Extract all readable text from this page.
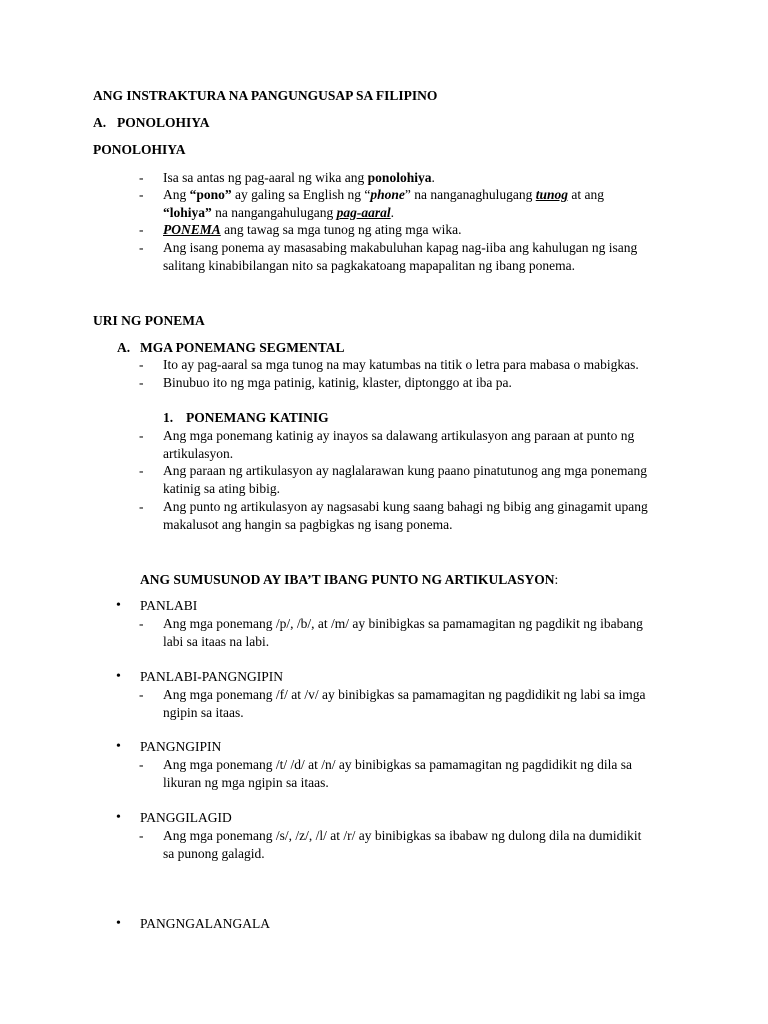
ANG INSTRAKTURA NA PANGUNGUSAP SA FILIPINO
A. PONOLOHIYA
PONOLOHIYA
- Isa sa antas ng pag-aaral ng wika ang ponolohiya.
- Ang “pono” ay galing sa English ng “phone” na nanganaghulugang tunog at ang
“lohiya” na nangangahulugang pag-aaral.
- PONEMA ang tawag sa mga tunog ng ating mga wika.
- Ang isang ponema ay masasabing makabuluhan kapag nag-iiba ang kahulugan ng isang
salitang kinabibilangan nito sa pagkakatoang mapapalitan ng ibang ponema.
URI NG PONEMA
A. MGA PONEMANG SEGMENTAL
- Ito ay pag-aaral sa mga tunog na may katumbas na titik o letra para mabasa o mabigkas.
- Binubuo ito ng mga patinig, katinig, klaster, diptonggo at iba pa.
1. PONEMANG KATINIG
- Ang mga ponemang katinig ay inayos sa dalawang artikulasyon ang paraan at punto ng
artikulasyon.
- Ang paraan ng artikulasyon ay naglalarawan kung paano pinatutunog ang mga ponemang
katinig sa ating bibig.
- Ang punto ng artikulasyon ay nagsasabi kung saang bahagi ng bibig ang ginagamit upang
makalusot ang hangin sa pagbigkas ng isang ponema.
ANG SUMUSUNOD AY IBA’T IBANG PUNTO NG ARTIKULASYON:
• PANLABI
- Ang mga ponemang /p/, /b/, at /m/ ay binibigkas sa pamamagitan ng pagdikit ng ibabang
labi sa itaas na labi.
• PANLABI-PANGNGIPIN
- Ang mga ponemang /f/ at /v/ ay binibigkas sa pamamagitan ng pagdidikit ng labi sa imga
ngipin sa itaas.
• PANGNGIPIN
- Ang mga ponemang /t/ /d/ at /n/ ay binibigkas sa pamamagitan ng pagdidikit ng dila sa
likuran ng mga ngipin sa itaas.
• PANGGILAGID
- Ang mga ponemang /s/, /z/, /l/ at /r/ ay binibigkas sa ibabaw ng dulong dila na dumidikit
sa punong galagid.
• PANGNGALANGALA
